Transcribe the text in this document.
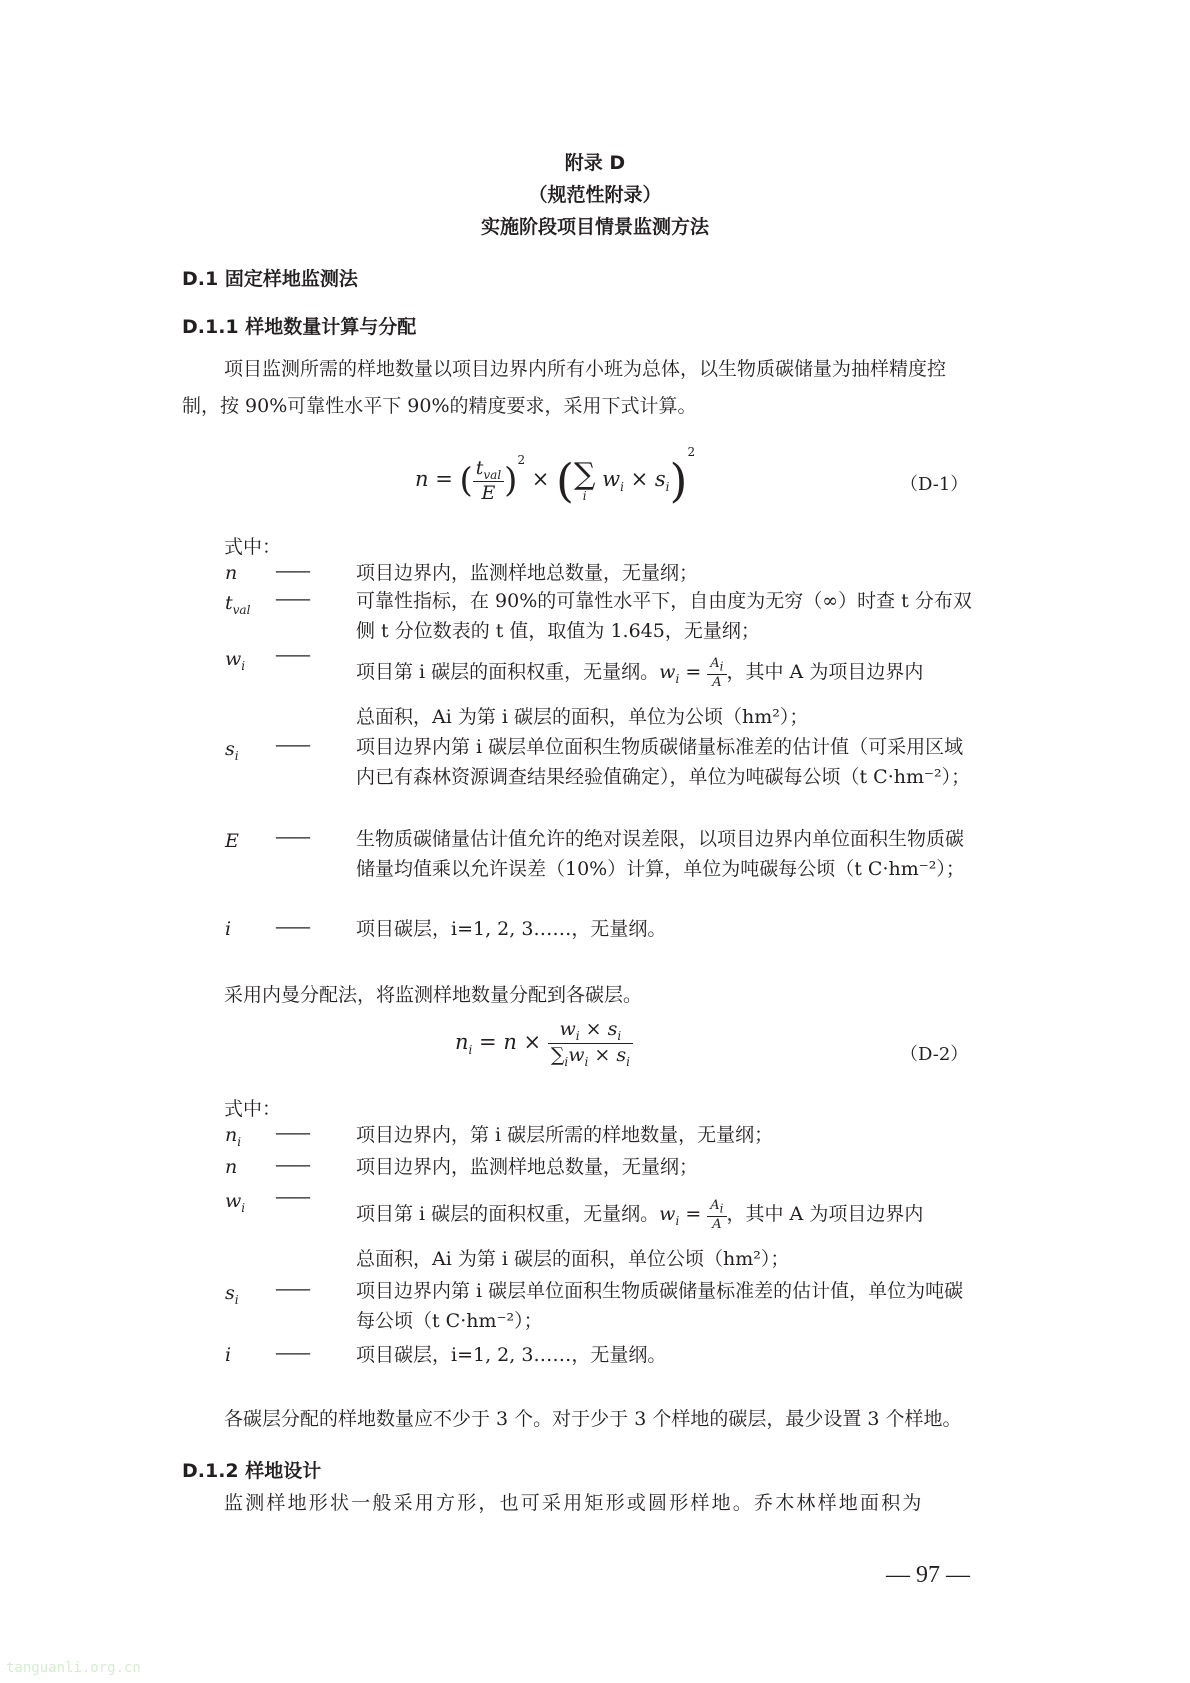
附录 D
（规范性附录）
实施阶段项目情景监测方法
D.1 固定样地监测法
D.1.1 样地数量计算与分配
项目监测所需的样地数量以项目边界内所有小班为总体，以生物质碳储量为抽样精度控
制，按 90%可靠性水平下 90%的精度要求，采用下式计算。
n = ( $\frac{t_{val}}{E} )^2$ × ( ∑
i
$w_i \times s_i)^2$
（D-1）
式中：
n —— 项目边界内，监测样地总数量，无量纲；
$t_{val}$ —— 可靠性指标，在 90%的可靠性水平下，自由度为无穷（∞）时查 t 分布双侧 t 分位数表的 t 值，取值为 1.645，无量纲；
$w_i$ ——
项目第 i 碳层的面积权重，无量纲。$w_i = \frac{A_i}{A}$ ，其中 A 为项目边界内
总面积，Ai 为第 i 碳层的面积，单位为公顷（hm²）；
$s_i$ —— 项目边界内第 i 碳层单位面积生物质碳储量标准差的估计值（可采用区域内已有森林资源调查结果经验值确定），单位为吨碳每公顷（t C·hm⁻²）；
E —— 生物质碳储量估计值允许的绝对误差限，以项目边界内单位面积生物质碳储量均值乘以允许误差（10%）计算，单位为吨碳每公顷（t C·hm⁻²）；
i —— 项目碳层，i=1, 2, 3……，无量纲。
采用内曼分配法，将监测样地数量分配到各碳层。
$n_i = n \times \frac{w_i \times s_i}{\sum_iw_i \times s_i}$	（D-2）
式中：
$n_i$ —— 项目边界内，第 i 碳层所需的样地数量，无量纲；
n —— 项目边界内，监测样地总数量，无量纲；
$w_i$ ——
项目第 i 碳层的面积权重，无量纲。$w_i = \frac{A_i}{A}$ ，其中 A 为项目边界内
总面积，Ai 为第 i 碳层的面积，单位公顷（hm²）；
$s_i$ —— 项目边界内第 i 碳层单位面积生物质碳储量标准差的估计值，单位为吨碳每公顷（t C·hm⁻²）；
i —— 项目碳层，i=1, 2, 3……，无量纲。
各碳层分配的样地数量应不少于 3 个。对于少于 3 个样地的碳层，最少设置 3 个样地。
D.1.2 样地设计
监测样地形状一般采用方形，也可采用矩形或圆形样地。乔木林样地面积为
— 97 —
tanguanli.org.cn
